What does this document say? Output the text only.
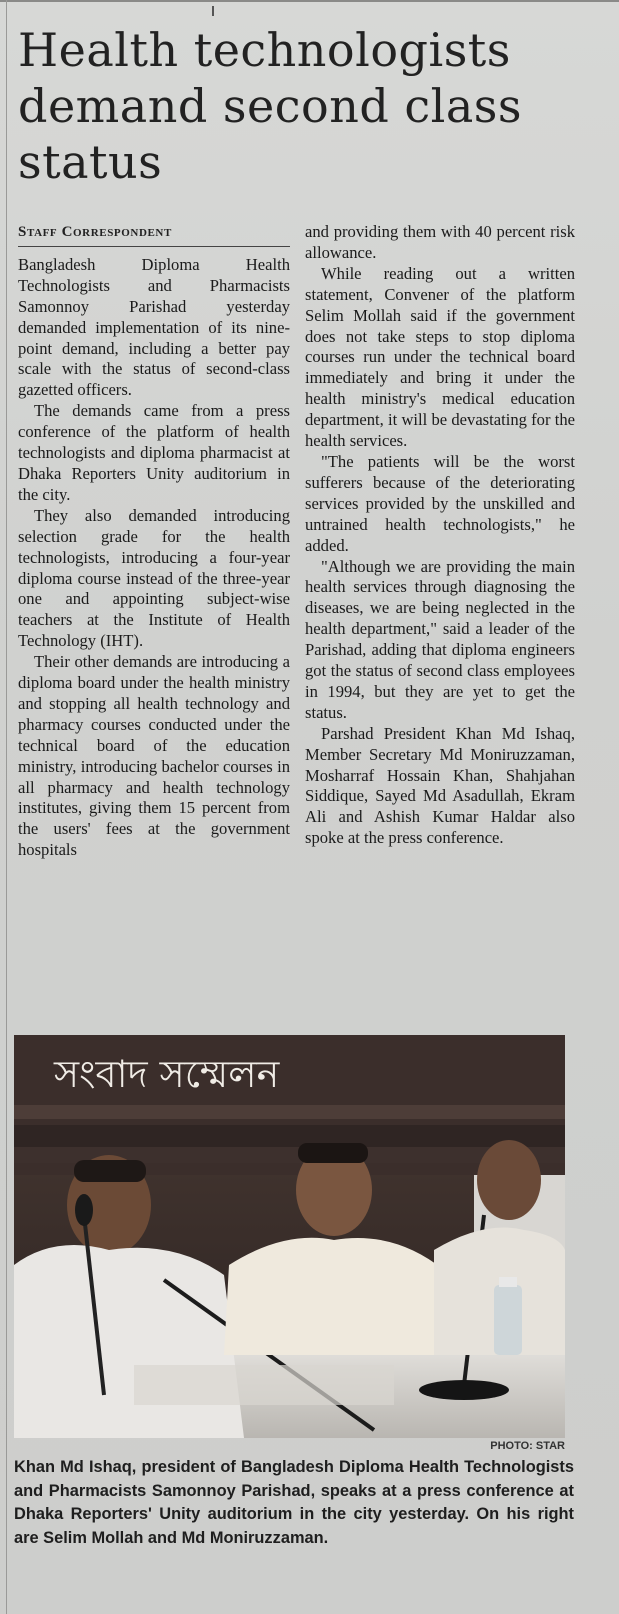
Health technologists demand second class status
Staff Correspondent

Bangladesh Diploma Health Technologists and Pharmacists Samonnoy Parishad yesterday demanded implementation of its nine-point demand, including a better pay scale with the status of second-class gazetted officers.

The demands came from a press conference of the platform of health technologists and diploma pharmacist at Dhaka Reporters Unity auditorium in the city.

They also demanded introducing selection grade for the health technologists, introducing a four-year diploma course instead of the three-year one and appointing subject-wise teachers at the Institute of Health Technology (IHT).

Their other demands are introducing a diploma board under the health ministry and stopping all health technology and pharmacy courses conducted under the technical board of the education ministry, introducing bachelor courses in all pharmacy and health technology institutes, giving them 15 percent from the users' fees at the government hospitals

and providing them with 40 percent risk allowance.

While reading out a written statement, Convener of the platform Selim Mollah said if the government does not take steps to stop diploma courses run under the technical board immediately and bring it under the health ministry's medical education department, it will be devastating for the health services.

"The patients will be the worst sufferers because of the deteriorating services provided by the unskilled and untrained health technologists," he added.

"Although we are providing the main health services through diagnosing the diseases, we are being neglected in the health department," said a leader of the Parishad, adding that diploma engineers got the status of second class employees in 1994, but they are yet to get the status.

Parshad President Khan Md Ishaq, Member Secretary Md Moniruzzaman, Mosharraf Hossain Khan, Shahjahan Siddique, Sayed Md Asadullah, Ekram Ali and Ashish Kumar Haldar also spoke at the press conference.

সংবাদ সম্মেলন
PHOTO: STAR
Khan Md Ishaq, president of Bangladesh Diploma Health Technologists and Pharmacists Samonnoy Parishad, speaks at a press conference at Dhaka Reporters' Unity auditorium in the city yesterday. On his right are Selim Mollah and Md Moniruzzaman.
